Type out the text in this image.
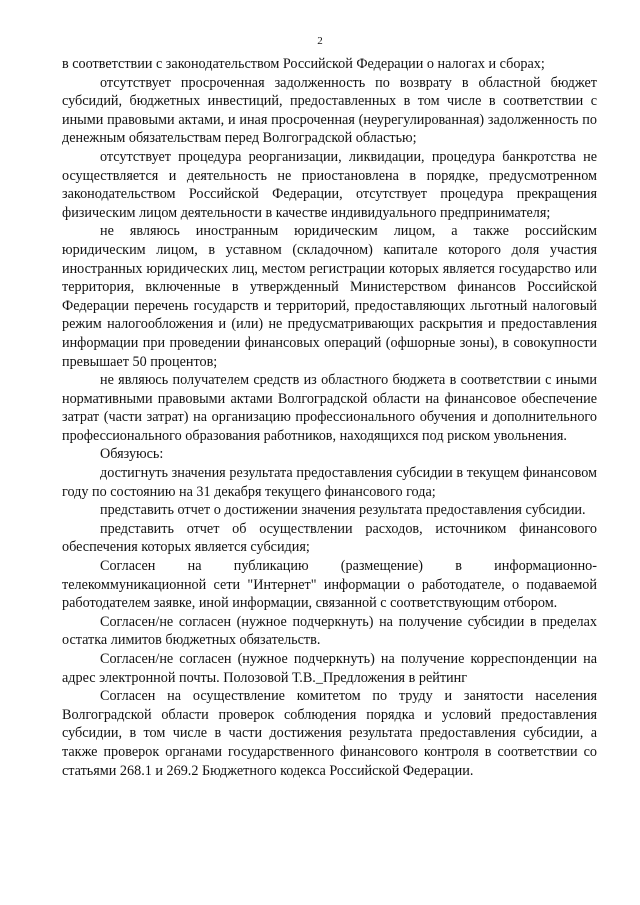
2

в соответствии с законодательством Российской Федерации о налогах и сборах;

отсутствует просроченная задолженность по возврату в областной бюджет субсидий, бюджетных инвестиций, предоставленных в том числе в соответствии с иными правовыми актами, и иная просроченная (неурегулированная) задолженность по денежным обязательствам перед Волгоградской областью;

отсутствует процедура реорганизации, ликвидации, процедура банкротства не осуществляется и деятельность не приостановлена в порядке, предусмотренном законодательством Российской Федерации, отсутствует процедура прекращения физическим лицом деятельности в качестве индивидуального предпринимателя;

не являюсь иностранным юридическим лицом, а также российским юридическим лицом, в уставном (складочном) капитале которого доля участия иностранных юридических лиц, местом регистрации которых является государство или территория, включенные в утвержденный Министерством финансов Российской Федерации перечень государств и территорий, предоставляющих льготный налоговый режим налогообложения и (или) не предусматривающих раскрытия и предоставления информации при проведении финансовых операций (офшорные зоны), в совокупности превышает 50 процентов;

не являюсь получателем средств из областного бюджета в соответствии с иными нормативными правовыми актами Волгоградской области на финансовое обеспечение затрат (части затрат) на организацию профессионального обучения и дополнительного профессионального образования работников, находящихся под риском увольнения.

Обязуюсь:

достигнуть значения результата предоставления субсидии в текущем финансовом году по состоянию на 31 декабря текущего финансового года;

представить отчет о достижении значения результата предоставления субсидии.

представить отчет об осуществлении расходов, источником финансового обеспечения которых является субсидия;

Согласен на публикацию (размещение) в информационно-телекоммуникационной сети "Интернет" информации о работодателе, о подаваемой работодателем заявке, иной информации, связанной с соответствующим отбором.

Согласен/не согласен (нужное подчеркнуть) на получение субсидии в пределах остатка лимитов бюджетных обязательств.

Согласен/не согласен (нужное подчеркнуть) на получение корреспонденции на адрес электронной почты. Полозовой Т.В._Предложения в рейтинг

Согласен на осуществление комитетом по труду и занятости населения Волгоградской области проверок соблюдения порядка и условий предоставления субсидии, в том числе в части достижения результата предоставления субсидии, а также проверок органами государственного финансового контроля в соответствии со статьями 268.1 и 269.2 Бюджетного кодекса Российской Федерации.
